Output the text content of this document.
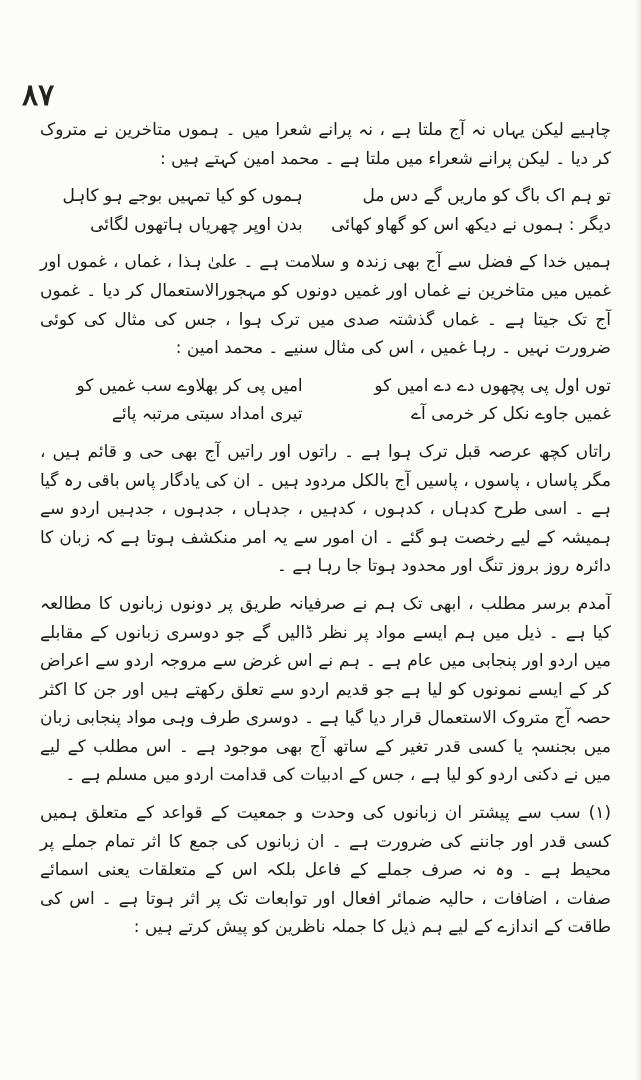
۸۷

چاہیے لیکن یہاں نہ آج ملتا ہے ، نہ پرانے شعرا میں ۔ ہموں متاخرین نے متروک کر دیا ۔ لیکن پرانے شعراء میں ملتا ہے ۔ محمد امین کہتے ہیں :

تو ہم اک باگ کو ماریں گے دس مل
ہموں کو کیا تمہیں بوجے ہو کاہل
دیگر : ہموں نے دیکھ اس کو گھاو کھائی
بدن اوپر چھریاں ہاتھوں لگائی

ہمیں خدا کے فضل سے آج بھی زندہ و سلامت ہے ۔ علیٰ ہذا ، غماں ، غموں اور غمیں میں متاخرین نے غماں اور غمیں دونوں کو مہجورالاستعمال کر دیا ۔ غموں آج تک جیتا ہے ۔ غماں گذشتہ صدی میں ترک ہوا ، جس کی مثال کی کوئی ضرورت نہیں ۔ رہا غمیں ، اس کی مثال سنیے ۔ محمد امین :

توں اول پی پچھوں دے دے امیں کو
امیں پی کر بھلاوے سب غمیں کو
غمیں جاوے نکل کر خرمی آے
تیری امداد سیتی مرتبہ پائے

راتاں کچھ عرصہ قبل ترک ہوا ہے ۔ راتوں اور راتیں آج بھی حی و قائم ہیں ، مگر پاساں ، پاسوں ، پاسیں آج بالکل مردود ہیں ۔ ان کی یادگار پاس باقی رہ گیا ہے ۔ اسی طرح کدہاں ، کدہوں ، کدہیں ، جدہاں ، جدہوں ، جدہیں اردو سے ہمیشہ کے لیے رخصت ہو گئے ۔ ان امور سے یہ امر منکشف ہوتا ہے کہ زبان کا دائرہ روز بروز تنگ اور محدود ہوتا جا رہا ہے ۔

آمدم برسر مطلب ، ابھی تک ہم نے صرفیانہ طریق پر دونوں زبانوں کا مطالعہ کیا ہے ۔ ذیل میں ہم ایسے مواد پر نظر ڈالیں گے جو دوسری زبانوں کے مقابلے میں اردو اور پنجابی میں عام ہے ۔ ہم نے اس غرض سے مروجہ اردو سے اعراض کر کے ایسے نمونوں کو لیا ہے جو قدیم اردو سے تعلق رکھتے ہیں اور جن کا اکثر حصہ آج متروک الاستعمال قرار دیا گیا ہے ۔ دوسری طرف وہی مواد پنجابی زبان میں بجنسہٖ یا کسی قدر تغیر کے ساتھ آج بھی موجود ہے ۔ اس مطلب کے لیے میں نے دکنی اردو کو لیا ہے ، جس کے ادبیات کی قدامت اردو میں مسلم ہے ۔

(۱) سب سے پیشتر ان زبانوں کی وحدت و جمعیت کے قواعد کے متعلق ہمیں کسی قدر اور جاننے کی ضرورت ہے ۔ ان زبانوں کی جمع کا اثر تمام جملے پر محیط ہے ۔ وہ نہ صرف جملے کے فاعل بلکہ اس کے متعلقات یعنی اسمائے صفات ، اضافات ، حالیہ ضمائر افعال اور توابعات تک پر اثر ہوتا ہے ۔ اس کی طاقت کے اندازے کے لیے ہم ذیل کا جملہ ناظرین کو پیش کرتے ہیں :
